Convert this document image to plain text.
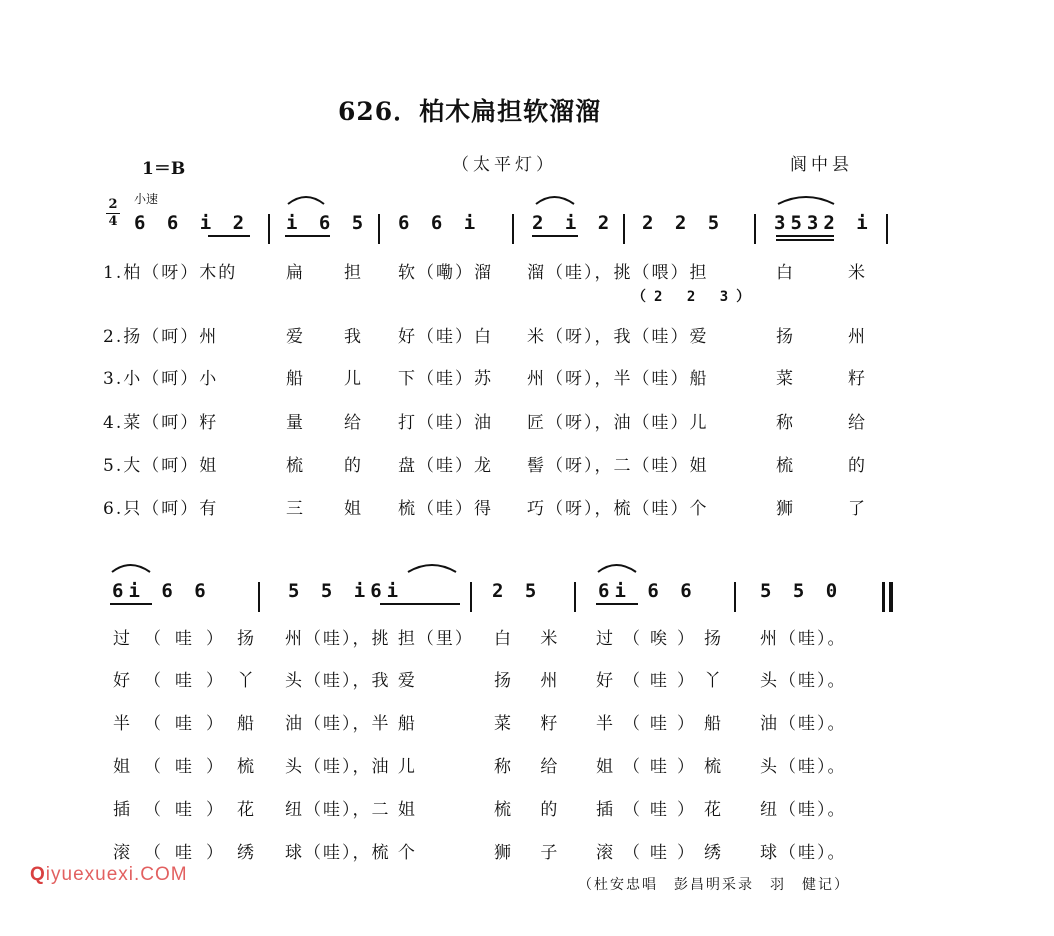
626．柏木扁担软溜溜
1＝B	（太平灯）	阆中县
小速
2
4 6 6 i 2 i 6 5 6 6 i	2 i 2 2 2 5	3532 i
1.柏（呀）木的	扁 担 软（嘞）溜 溜（哇），挑（喂）担	白	米
（2 2 3）
2.扬（呵）州	爱 我 好（哇）白 米（呀），我（哇）爱	扬	州
3.小（呵）小	船 儿 下（哇）苏 州（呀），半（哇）船	菜	籽
4.菜（呵）籽	量 给 打（哇）油 匠（呀），油（哇）儿	称	给
5.大（呵）姐	梳 的 盘（哇）龙 髻（呀），二（哇）姐	梳	的
6.只（呵）有	三 姐 梳（哇）得 巧（呀），梳（哇）个	狮	了
6i 6 6	5 5 i6i	2 5	6i 6 6	5 5 0
过（哇）扬 州（哇），挑 担（里） 白 米 过（唉）扬 州（哇）。
好（哇）丫 头（哇），我 爱	扬 州 好（哇）丫 头（哇）。
半（哇）船 油（哇），半 船	菜 籽 半（哇）船 油（哇）。
姐（哇）梳 头（哇），油 儿	称 给 姐（哇）梳 头（哇）。
插（哇）花 纽（哇），二 姐	梳 的 插（哇）花 纽（哇）。
滚（哇）绣 球（哇），梳 个	狮 子 滚（哇）绣 球（哇）。
（杜安忠唱　彭昌明采录　羽　健记）
Qiyuexuexi.COM
